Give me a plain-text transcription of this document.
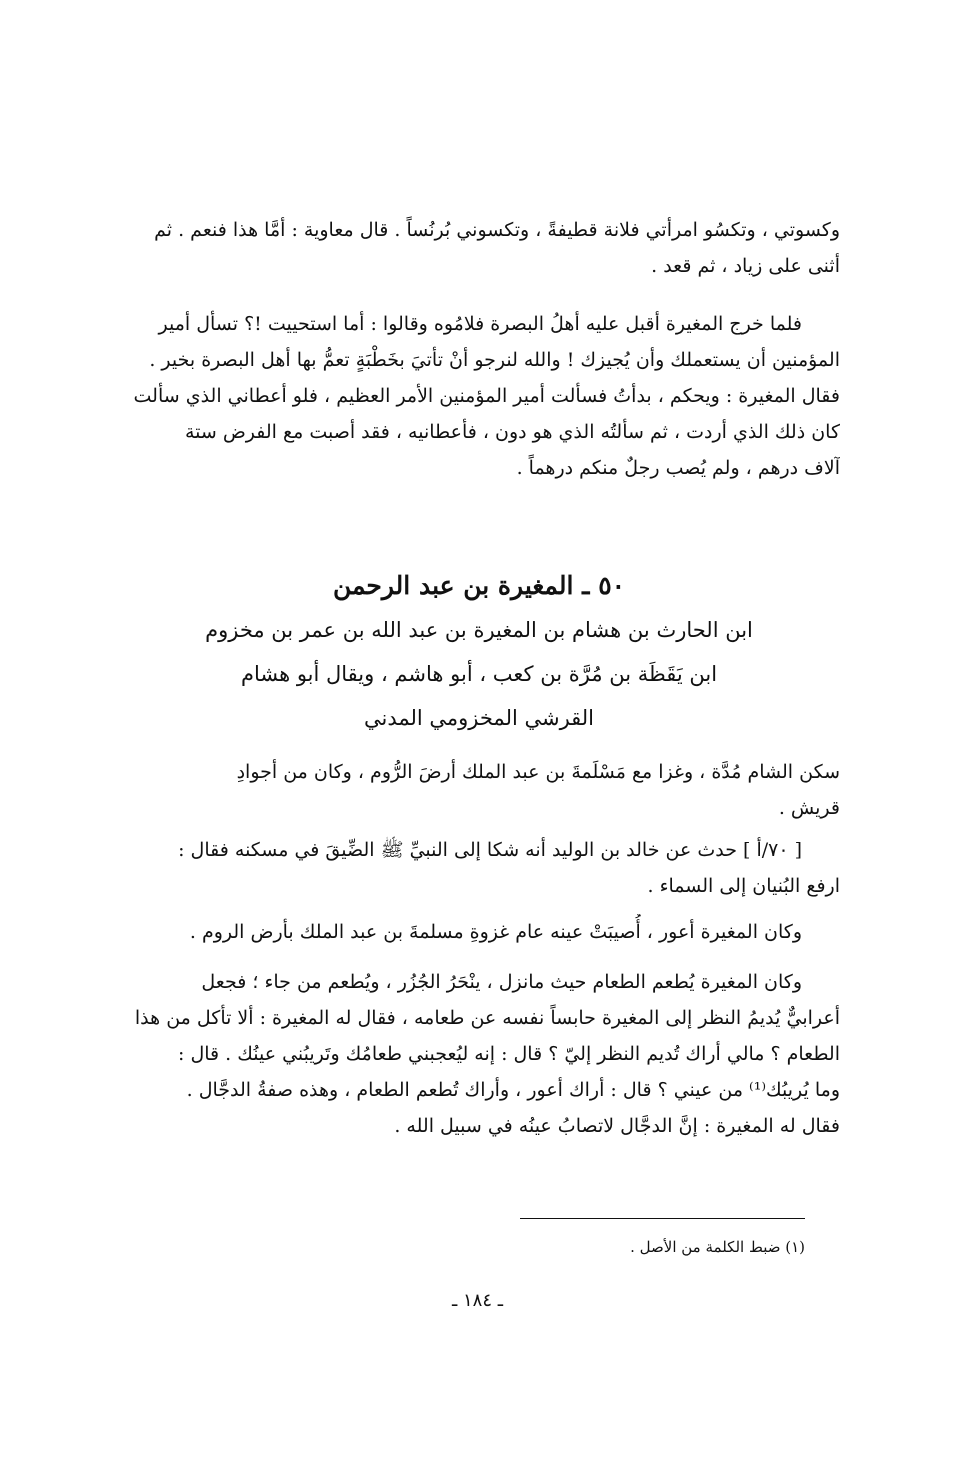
وكسوتي ، وتكسُو امرأتي فلانة قطيفةً ، وتكسوني بُرنُساً . قال معاوية : أمَّا هذا فنعم . ثم
أثنى على زياد ، ثم قعد .
فلما خرج المغيرة أقبل عليه أهلُ البصرة فلامُوه وقالوا : أما استحييت !؟ تسأل أمير
المؤمنين أن يستعملك وأن يُجيزك ! والله لنرجو أنْ تأتيَ بخَطْبَةٍ تعمُّ بها أهل البصرة بخير .
فقال المغيرة : ويحكم ، بدأتُ فسألت أمير المؤمنين الأمر العظيم ، فلو أعطاني الذي سألت
كان ذلك الذي أردت ، ثم سألتُه الذي هو دون ، فأعطانيه ، فقد أصبت مع الفرض ستة
آلاف درهم ، ولم يُصب رجلٌ منكم درهماً .
٥٠ ـ المغيرة بن عبد الرحمن
ابن الحارث بن هشام بن المغيرة بن عبد الله بن عمر بن مخزوم
ابن يَقَظَة بن مُرَّة بن كعب ، أبو هاشم ، ويقال أبو هشام
القرشي المخزومي المدني
سكن الشام مُدَّة ، وغزا مع مَسْلَمةَ بن عبد الملك أرضَ الرُّوم ، وكان من أجوادِ
قريش .
[ ٧٠/أ ] حدث عن خالد بن الوليد أنه شكا إلى النبيِّ ﷺ الضِّيقَ في مسكنه فقال :
ارفع البُنيان إلى السماء .
وكان المغيرة أعور ، أُصيبَتْ عينه عام غزوةِ مسلمةَ بن عبد الملك بأرض الروم .
وكان المغيرة يُطعم الطعام حيث مانزل ، ينْحَرُ الجُزُر ، ويُطعم من جاء ؛ فجعل
أعرابيٌّ يُديمُ النظر إلى المغيرة حابساً نفسه عن طعامه ، فقال له المغيرة : ألا تأكل من هذا
الطعام ؟ مالي أراك تُديم النظر إليّ ؟ قال : إنه ليُعجبني طعامُك وتَريبُني عينُك . قال :
وما يُريبُك⁽¹⁾ من عيني ؟ قال : أراك أعور ، وأراك تُطعم الطعام ، وهذه صفةُ الدجَّال .
فقال له المغيرة : إنَّ الدجَّال لاتصابُ عينُه في سبيل الله .
(١) ضبط الكلمة من الأصل .
ـ ١٨٤ ـ
